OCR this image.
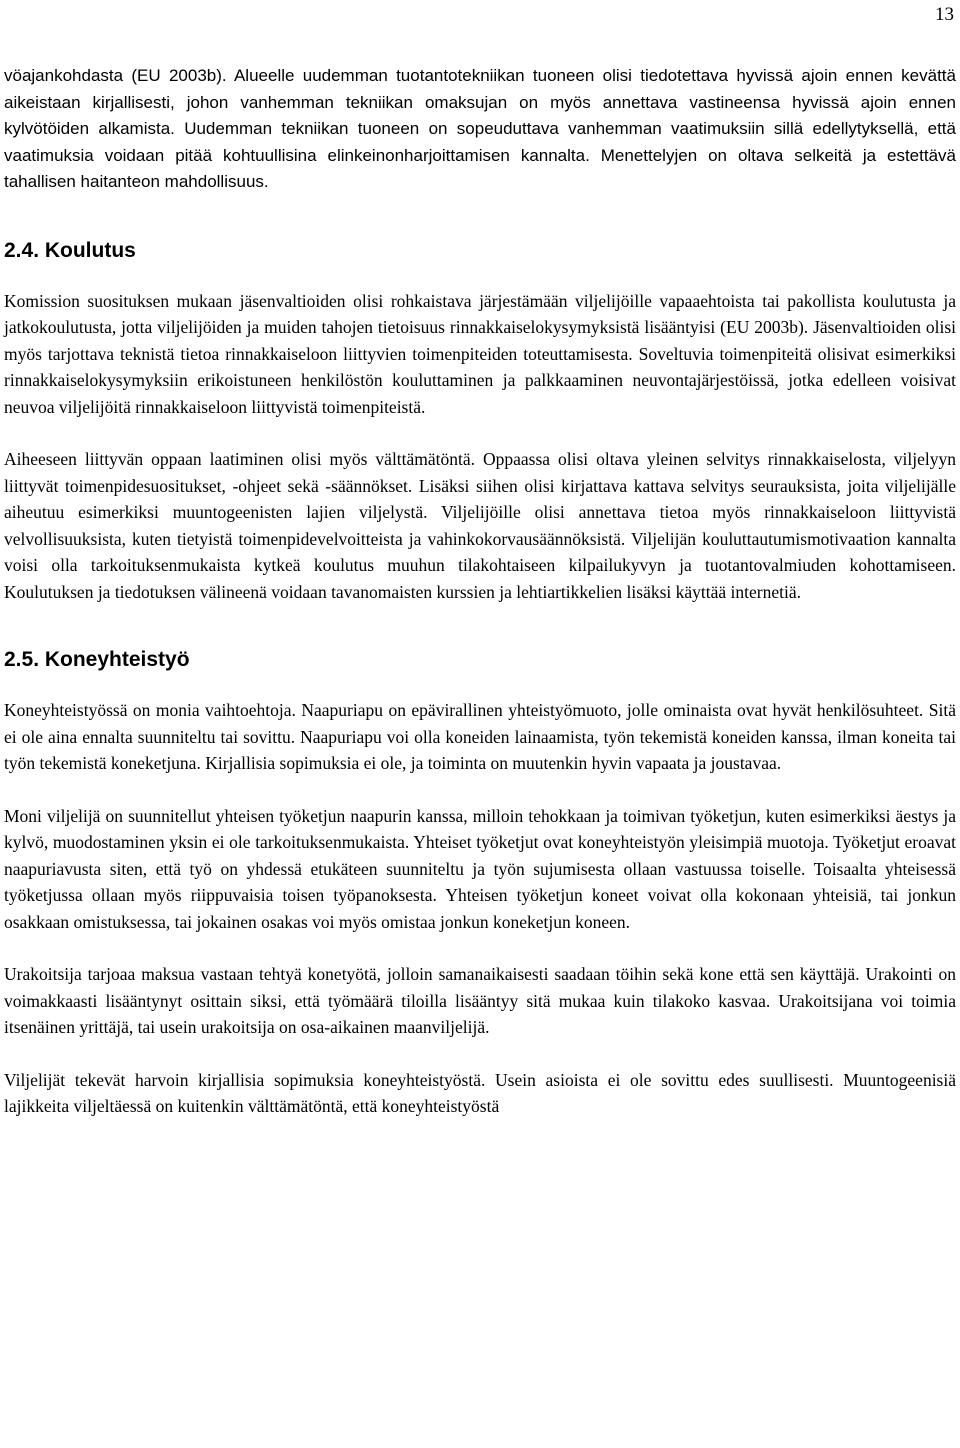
13

vöajankohdasta (EU 2003b). Alueelle uudemman tuotantotekniikan tuoneen olisi tiedotettava hyvissä ajoin ennen kevättä aikeistaan kirjallisesti, johon vanhemman tekniikan omaksujan on myös annettava vastineensa hyvissä ajoin ennen kylvötöiden alkamista. Uudemman tekniikan tuoneen on sopeuduttava vanhemman vaatimuksiin sillä edellytyksellä, että vaatimuksia voidaan pitää kohtuullisina elinkeinonharjoittamisen kannalta. Menettelyjen on oltava selkeitä ja estettävä tahallisen haitanteon mahdollisuus.

2.4. Koulutus

Komission suosituksen mukaan jäsenvaltioiden olisi rohkaistava järjestämään viljelijöille vapaaehtoista tai pakollista koulutusta ja jatkokoulutusta, jotta viljelijöiden ja muiden tahojen tietoisuus rinnakkaiselokysymyksistä lisääntyisi (EU 2003b). Jäsenvaltioiden olisi myös tarjottava teknistä tietoa rinnakkaiseloon liittyvien toimenpiteiden toteuttamisesta. Soveltuvia toimenpiteitä olisivat esimerkiksi rinnakkaiselokysymyksiin erikoistuneen henkilöstön kouluttaminen ja palkkaaminen neuvontajärjestöissä, jotka edelleen voisivat neuvoa viljelijöitä rinnakkaiseloon liittyvistä toimenpiteistä.

Aiheeseen liittyvän oppaan laatiminen olisi myös välttämätöntä. Oppaassa olisi oltava yleinen selvitys rinnakkaiselosta, viljelyyn liittyvät toimenpidesuositukset, -ohjeet sekä -säännökset. Lisäksi siihen olisi kirjattava kattava selvitys seurauksista, joita viljelijälle aiheutuu esimerkiksi muuntogeenisten lajien viljelystä. Viljelijöille olisi annettava tietoa myös rinnakkaiseloon liittyvistä velvollisuuksista, kuten tietyistä toimenpidevelvoitteista ja vahinkokorvausäännöksistä. Viljelijän kouluttautumismotivaation kannalta voisi olla tarkoituksenmukaista kytkeä koulutus muuhun tilakohtaiseen kilpailukyvyn ja tuotantovalmiuden kohottamiseen. Koulutuksen ja tiedotuksen välineenä voidaan tavanomaisten kurssien ja lehtiartikkelien lisäksi käyttää internetiä.

2.5. Koneyhteistyö

Koneyhteistyössä on monia vaihtoehtoja. Naapuriapu on epävirallinen yhteistyömuoto, jolle ominaista ovat hyvät henkilösuhteet. Sitä ei ole aina ennalta suunniteltu tai sovittu. Naapuriapu voi olla koneiden lainaamista, työn tekemistä koneiden kanssa, ilman koneita tai työn tekemistä koneketjuna. Kirjallisia sopimuksia ei ole, ja toiminta on muutenkin hyvin vapaata ja joustavaa.

Moni viljelijä on suunnitellut yhteisen työketjun naapurin kanssa, milloin tehokkaan ja toimivan työketjun, kuten esimerkiksi äestys ja kylvö, muodostaminen yksin ei ole tarkoituksenmukaista. Yhteiset työketjut ovat koneyhteistyön yleisimpiä muotoja. Työketjut eroavat naapuriavusta siten, että työ on yhdessä etukäteen suunniteltu ja työn sujumisesta ollaan vastuussa toiselle. Toisaalta yhteisessä työketjussa ollaan myös riippuvaisia toisen työpanoksesta. Yhteisen työketjun koneet voivat olla kokonaan yhteisiä, tai jonkun osakkaan omistuksessa, tai jokainen osakas voi myös omistaa jonkun koneketjun koneen.

Urakoitsija tarjoaa maksua vastaan tehtyä konetyötä, jolloin samanaikaisesti saadaan töihin sekä kone että sen käyttäjä. Urakointi on voimakkaasti lisääntynyt osittain siksi, että työmäärä tiloilla lisääntyy sitä mukaa kuin tilakoko kasvaa. Urakoitsijana voi toimia itsenäinen yrittäjä, tai usein urakoitsija on osa-aikainen maanviljelijä.

Viljelijät tekevät harvoin kirjallisia sopimuksia koneyhteistyöstä. Usein asioista ei ole sovittu edes suullisesti. Muuntogeenisiä lajikkeita viljeltäessä on kuitenkin välttämätöntä, että koneyhteistyöstä
